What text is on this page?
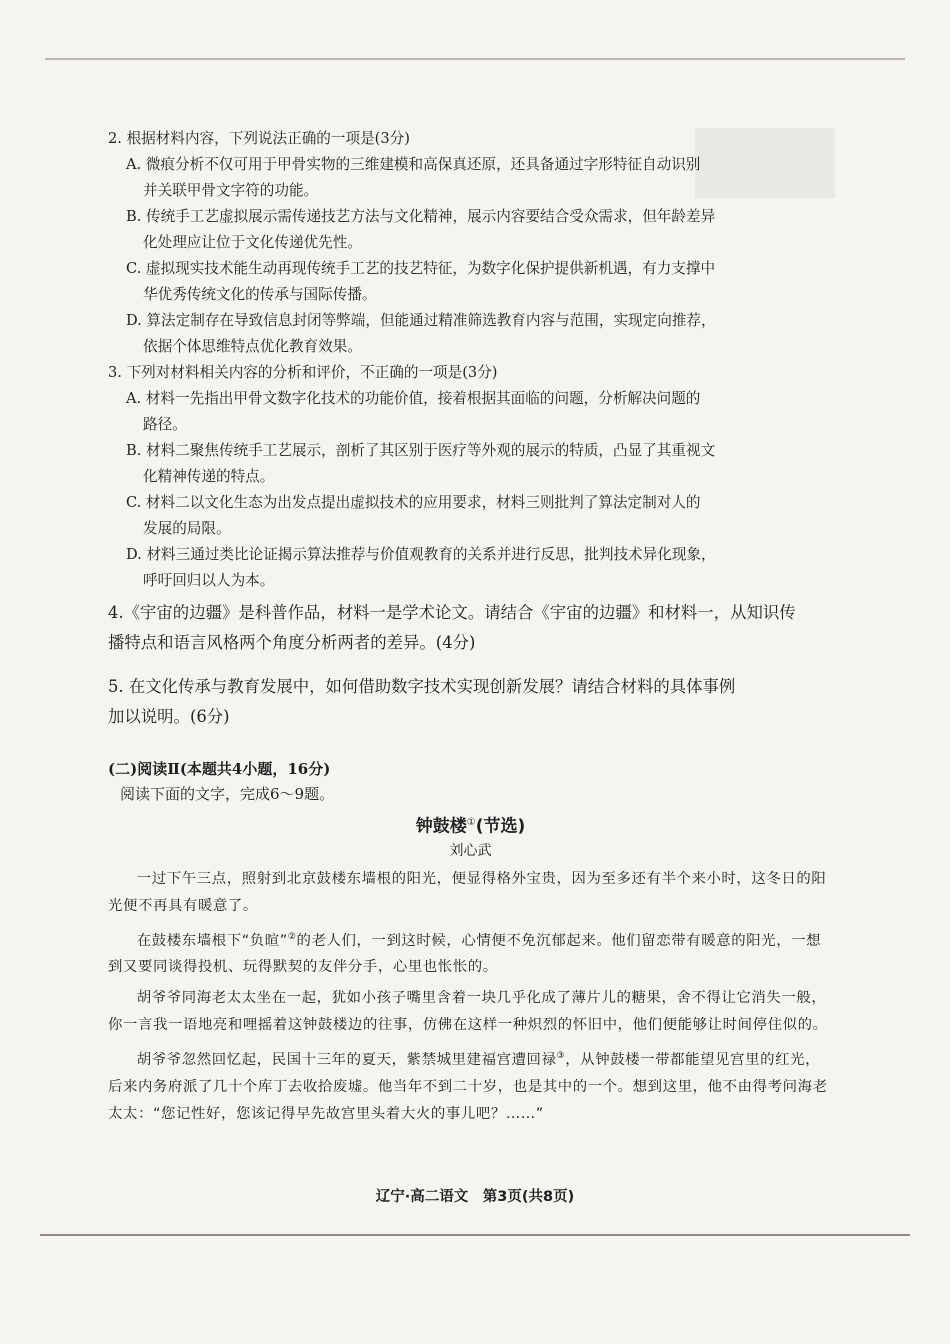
2. 根据材料内容，下列说法正确的一项是(3分)

A. 微痕分析不仅可用于甲骨实物的三维建模和高保真还原，还具备通过字形特征自动识别
并关联甲骨文字符的功能。

B. 传统手工艺虚拟展示需传递技艺方法与文化精神，展示内容要结合受众需求，但年龄差异
化处理应让位于文化传递优先性。

C. 虚拟现实技术能生动再现传统手工艺的技艺特征，为数字化保护提供新机遇，有力支撑中
华优秀传统文化的传承与国际传播。

D. 算法定制存在导致信息封闭等弊端，但能通过精准筛选教育内容与范围，实现定向推荐，
依据个体思维特点优化教育效果。

3. 下列对材料相关内容的分析和评价，不正确的一项是(3分)

A. 材料一先指出甲骨文数字化技术的功能价值，接着根据其面临的问题，分析解决问题的
路径。

B. 材料二聚焦传统手工艺展示，剖析了其区别于医疗等外观的展示的特质，凸显了其重视文
化精神传递的特点。

C. 材料二以文化生态为出发点提出虚拟技术的应用要求，材料三则批判了算法定制对人的
发展的局限。

D. 材料三通过类比论证揭示算法推荐与价值观教育的关系并进行反思，批判技术异化现象，
呼吁回归以人为本。

4.《宇宙的边疆》是科普作品，材料一是学术论文。请结合《宇宙的边疆》和材料一，从知识传

播特点和语言风格两个角度分析两者的差异。(4分)

5. 在文化传承与教育发展中，如何借助数字技术实现创新发展？请结合材料的具体事例

加以说明。(6分)

(二)阅读Ⅱ(本题共4小题，16分)

阅读下面的文字，完成6～9题。

钟鼓楼①(节选)

刘心武

一过下午三点，照射到北京鼓楼东墙根的阳光，便显得格外宝贵，因为至多还有半个来小时，这冬日的阳光便不再具有暖意了。

在鼓楼东墙根下“负暄”②的老人们，一到这时候，心情便不免沉郁起来。他们留恋带有暖意的阳光，一想到又要同谈得投机、玩得默契的友伴分手，心里也怅怅的。

胡爷爷同海老太太坐在一起，犹如小孩子嘴里含着一块几乎化成了薄片儿的糖果，舍不得让它消失一般，你一言我一语地亮和哩摇着这钟鼓楼边的往事，仿佛在这样一种炽烈的怀旧中，他们便能够让时间停住似的。

胡爷爷忽然回忆起，民国十三年的夏天，紫禁城里建福宫遭回禄③，从钟鼓楼一带都能望见宫里的红光，后来内务府派了几十个库丁去收拾废墟。他当年不到二十岁，也是其中的一个。想到这里，他不由得考问海老太太：“您记性好，您该记得早先故宫里头着大火的事儿吧？……”

辽宁·高二语文　第3页(共8页)
